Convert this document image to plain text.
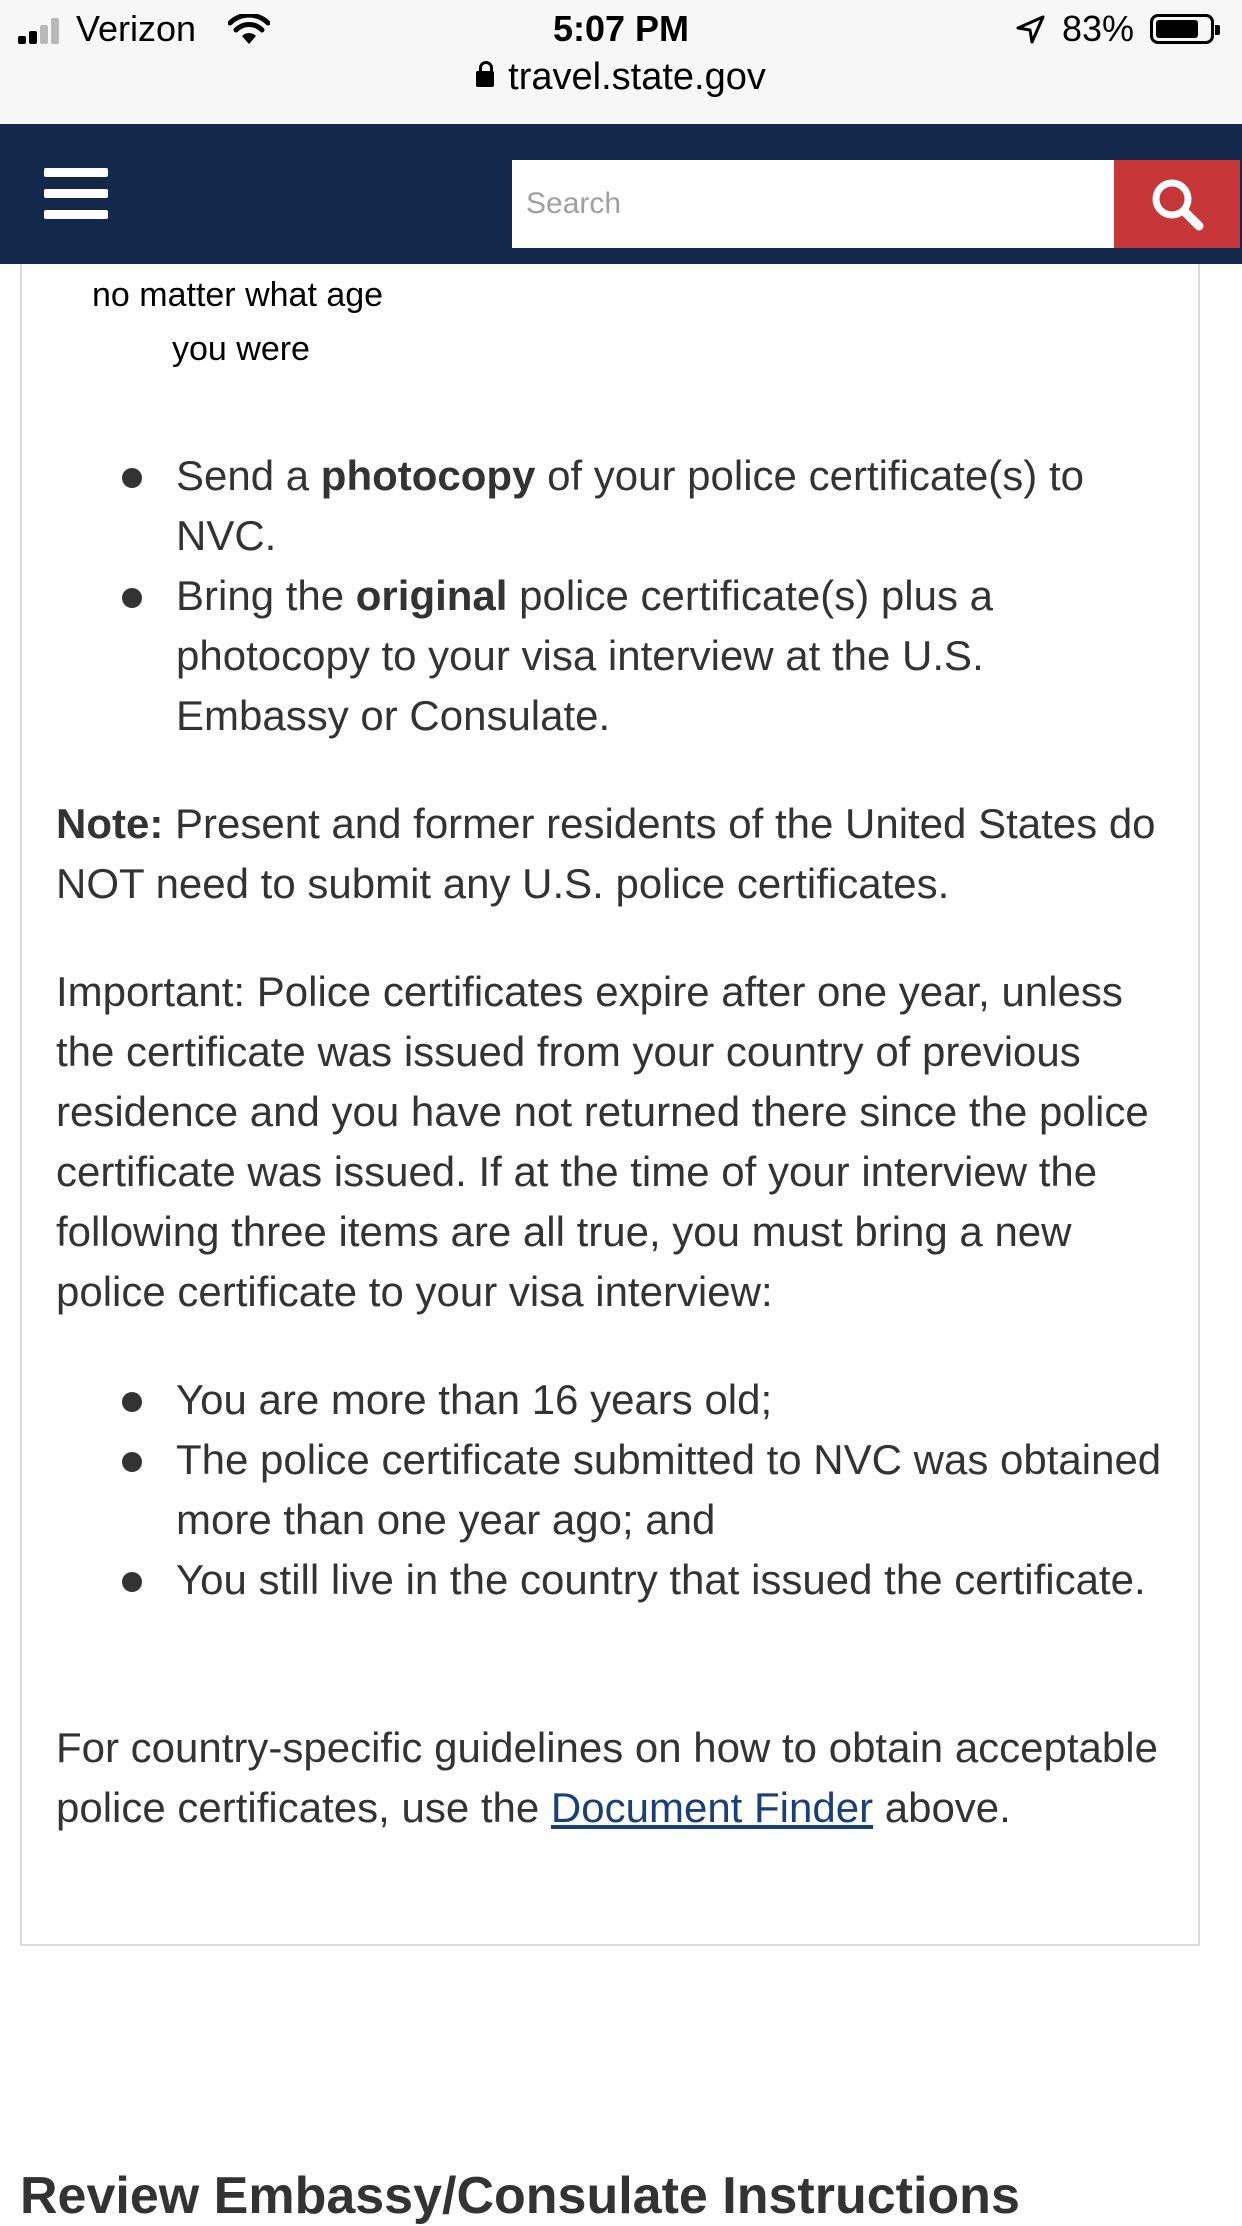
Verizon	5:07 PM	83%
travel.state.gov
Search
no matter what age
you were
Send a photocopy of your police certificate(s) to NVC.
Bring the original police certificate(s) plus a photocopy to your visa interview at the U.S. Embassy or Consulate.
Note: Present and former residents of the United States do NOT need to submit any U.S. police certificates.
Important: Police certificates expire after one year, unless the certificate was issued from your country of previous residence and you have not returned there since the police certificate was issued. If at the time of your interview the following three items are all true, you must bring a new police certificate to your visa interview:
You are more than 16 years old;
The police certificate submitted to NVC was obtained more than one year ago; and
You still live in the country that issued the certificate.
For country-specific guidelines on how to obtain acceptable police certificates, use the Document Finder above.
Review Embassy/Consulate Instructions
